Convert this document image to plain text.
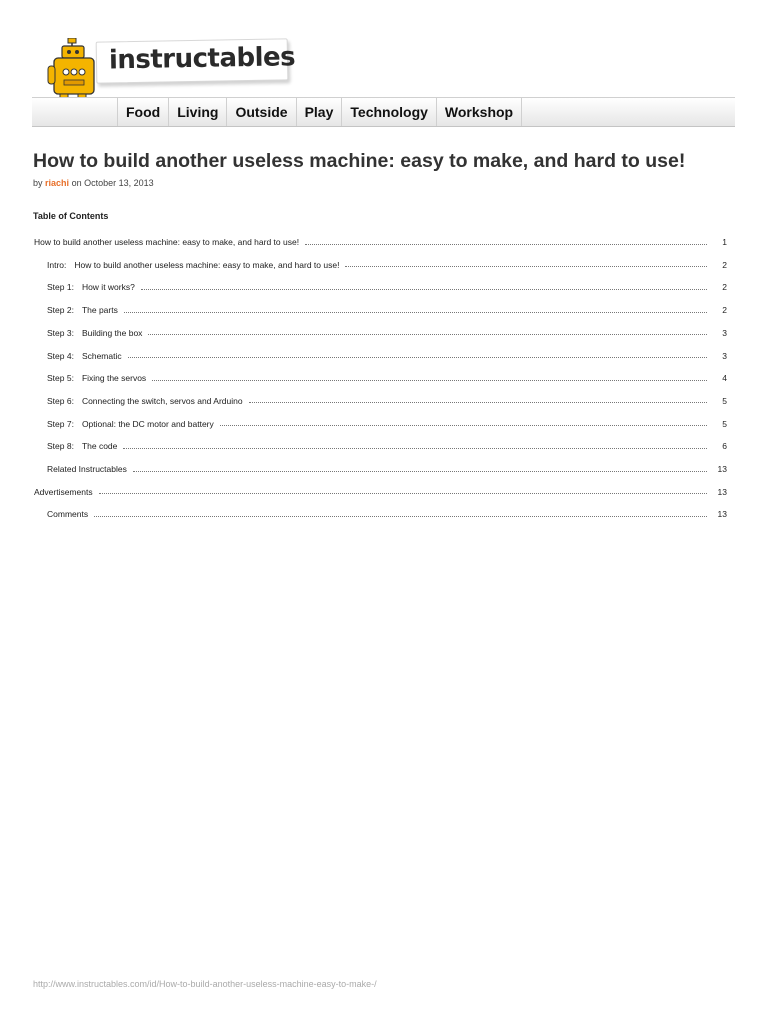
instructables
Food	Living	Outside	Play	Technology	Workshop
How to build another useless machine: easy to make, and hard to use!
by riachi on October 13, 2013
Table of Contents
How to build another useless machine: easy to make, and hard to use!	1
Intro: How to build another useless machine: easy to make, and hard to use!	2
Step 1: How it works?	2
Step 2: The parts	2
Step 3: Building the box	3
Step 4: Schematic	3
Step 5: Fixing the servos	4
Step 6: Connecting the switch, servos and Arduino	5
Step 7: Optional: the DC motor and battery	5
Step 8: The code	6
Related Instructables	13
Advertisements	13
Comments	13
http://www.instructables.com/id/How-to-build-another-useless-machine-easy-to-make-/
